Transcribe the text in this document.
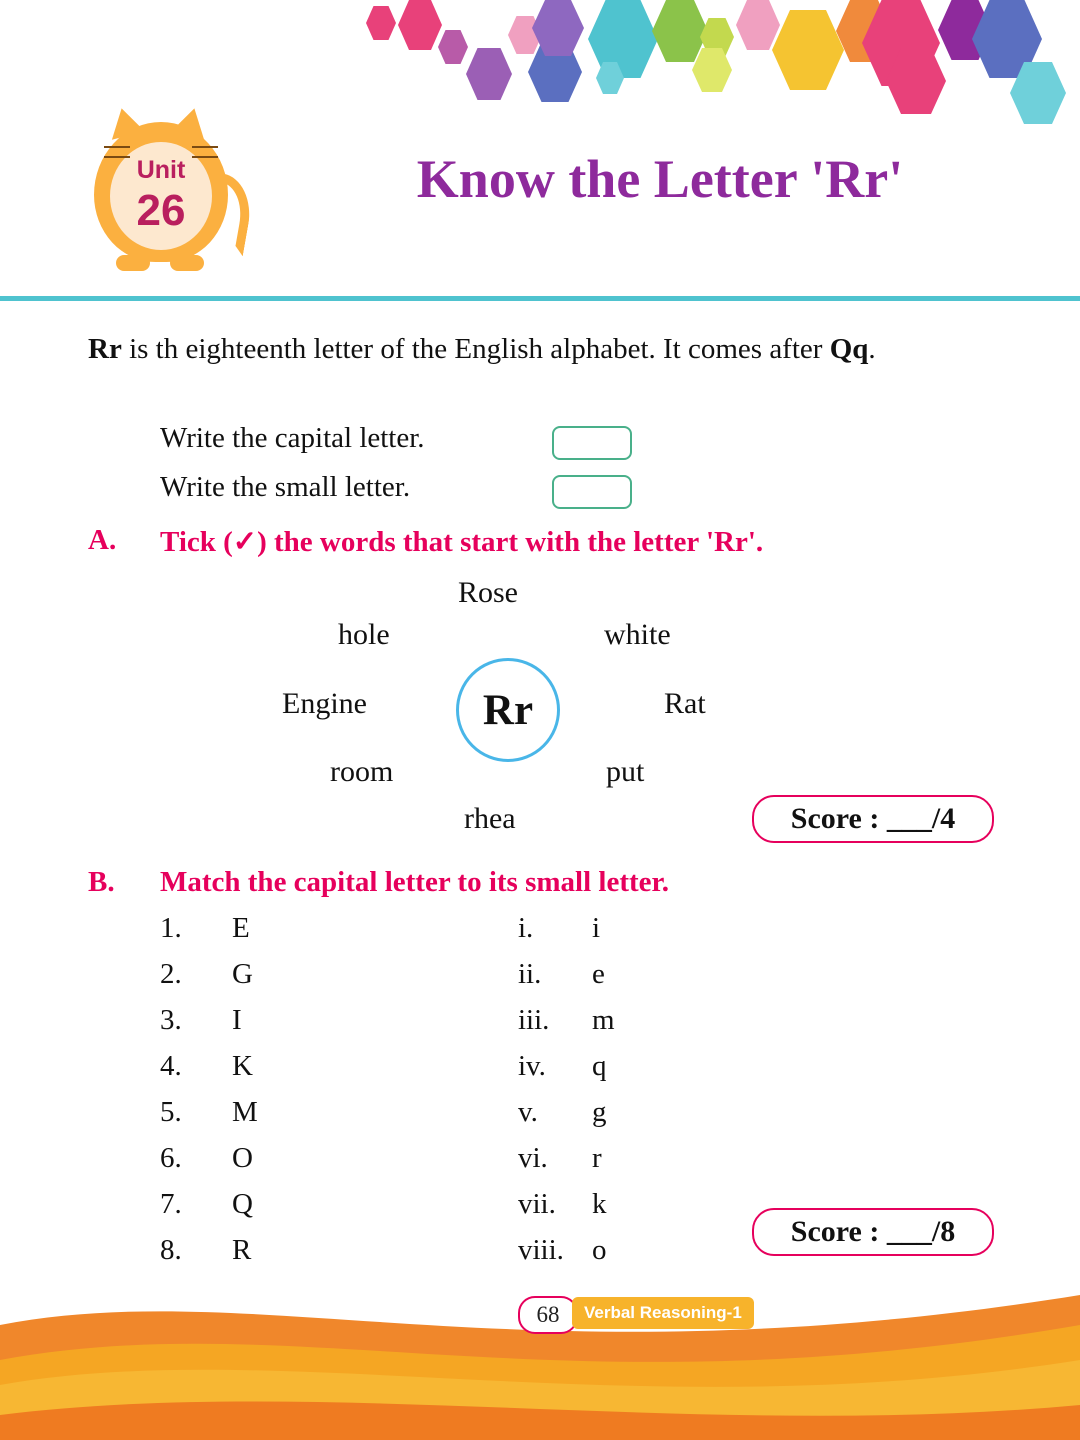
Unit
26
Know the Letter 'Rr'
Rr is th eighteenth letter of the English alphabet. It comes after Qq.
Write the capital letter.
Write the small letter.
A. Tick (✓) the words that start with the letter 'Rr'.
Rose
hole	white
Engine	Rat
room	put
rhea
Rr
Score : ___/4
B. Match the capital letter to its small letter.
1. E
2. G
3. I
4. K
5. M
6. O
7. Q
8. R
i. i
ii. e
iii. m
iv. q
v. g
vi. r
vii. k
viii. o
Score : ___/8
68	Verbal Reasoning-1
